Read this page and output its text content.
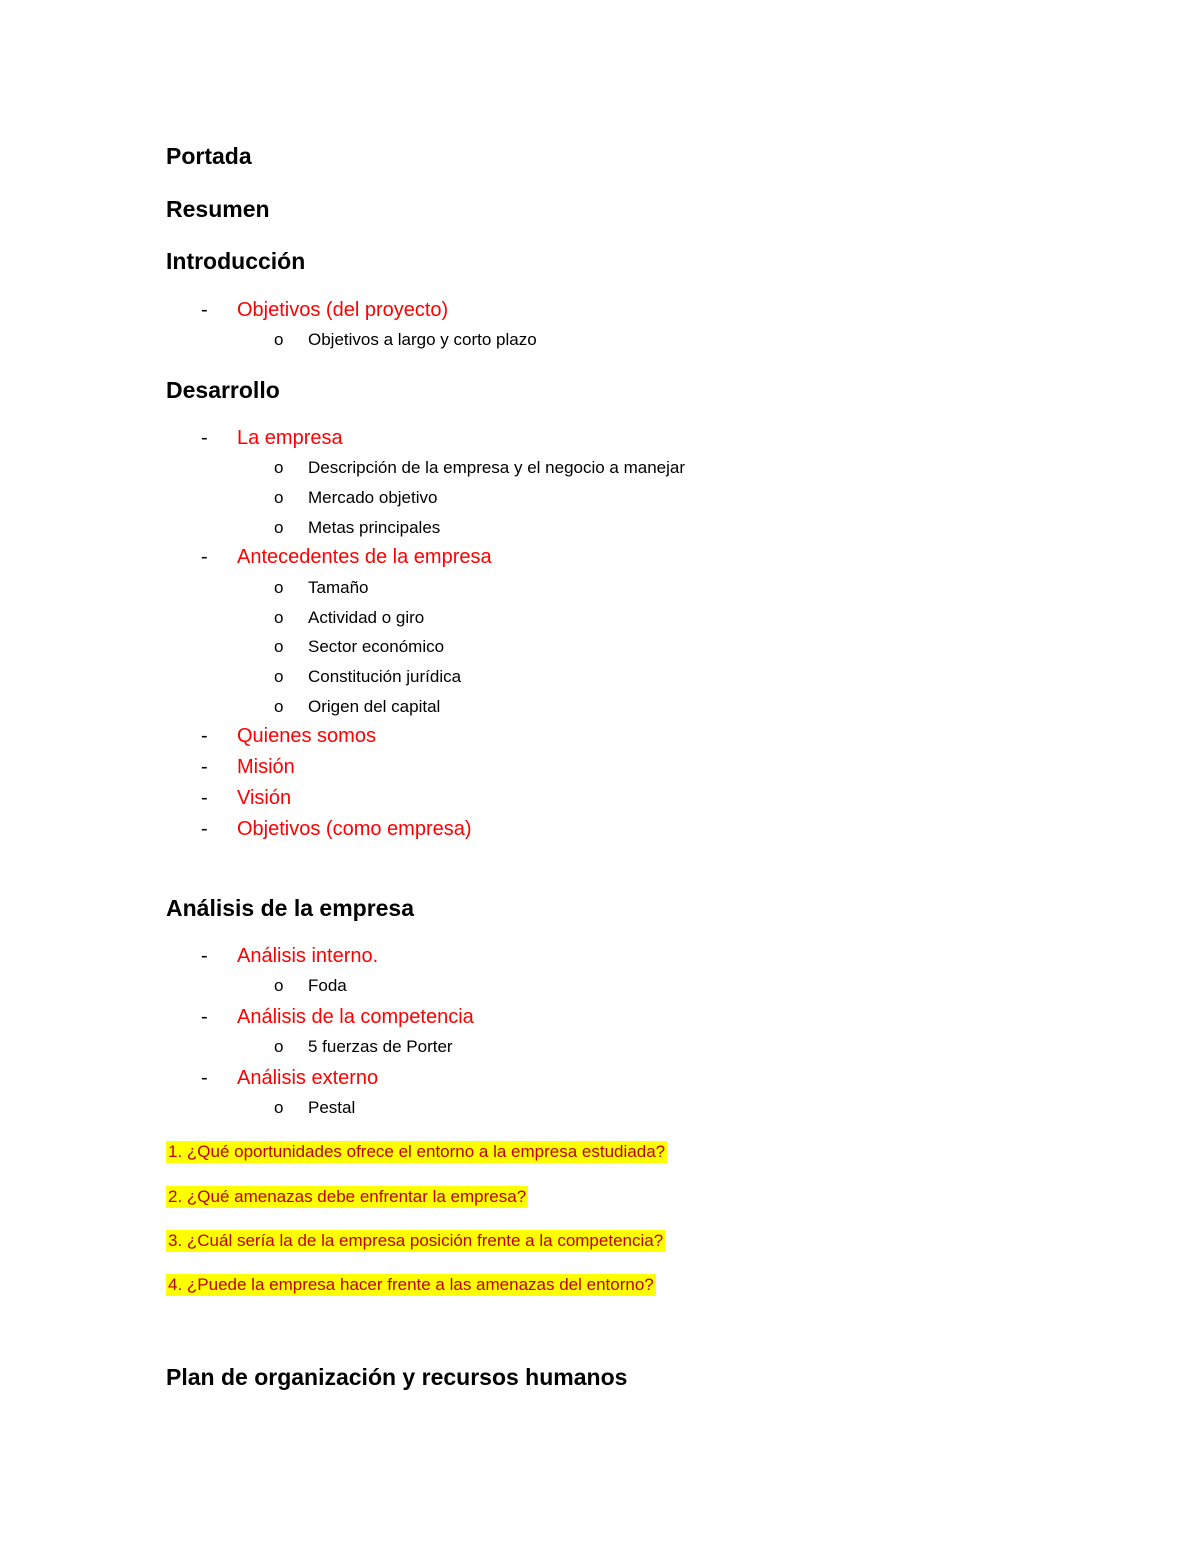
Portada
Resumen
Introducción
- Objetivos (del proyecto)
o Objetivos a largo y corto plazo
Desarrollo
- La empresa
o Descripción de la empresa y el negocio a manejar
o Mercado objetivo
o Metas principales
- Antecedentes de la empresa
o Tamaño
o Actividad o giro
o Sector económico
o Constitución jurídica
o Origen del capital
- Quienes somos
- Misión
- Visión
- Objetivos (como empresa)
Análisis de la empresa
- Análisis interno.
o Foda
- Análisis de la competencia
o 5 fuerzas de Porter
- Análisis externo
o Pestal
1. ¿Qué oportunidades ofrece el entorno a la empresa estudiada?
2. ¿Qué amenazas debe enfrentar la empresa?
3. ¿Cuál sería la de la empresa posición frente a la competencia?
4. ¿Puede la empresa hacer frente a las amenazas del entorno?
Plan de organización y recursos humanos
